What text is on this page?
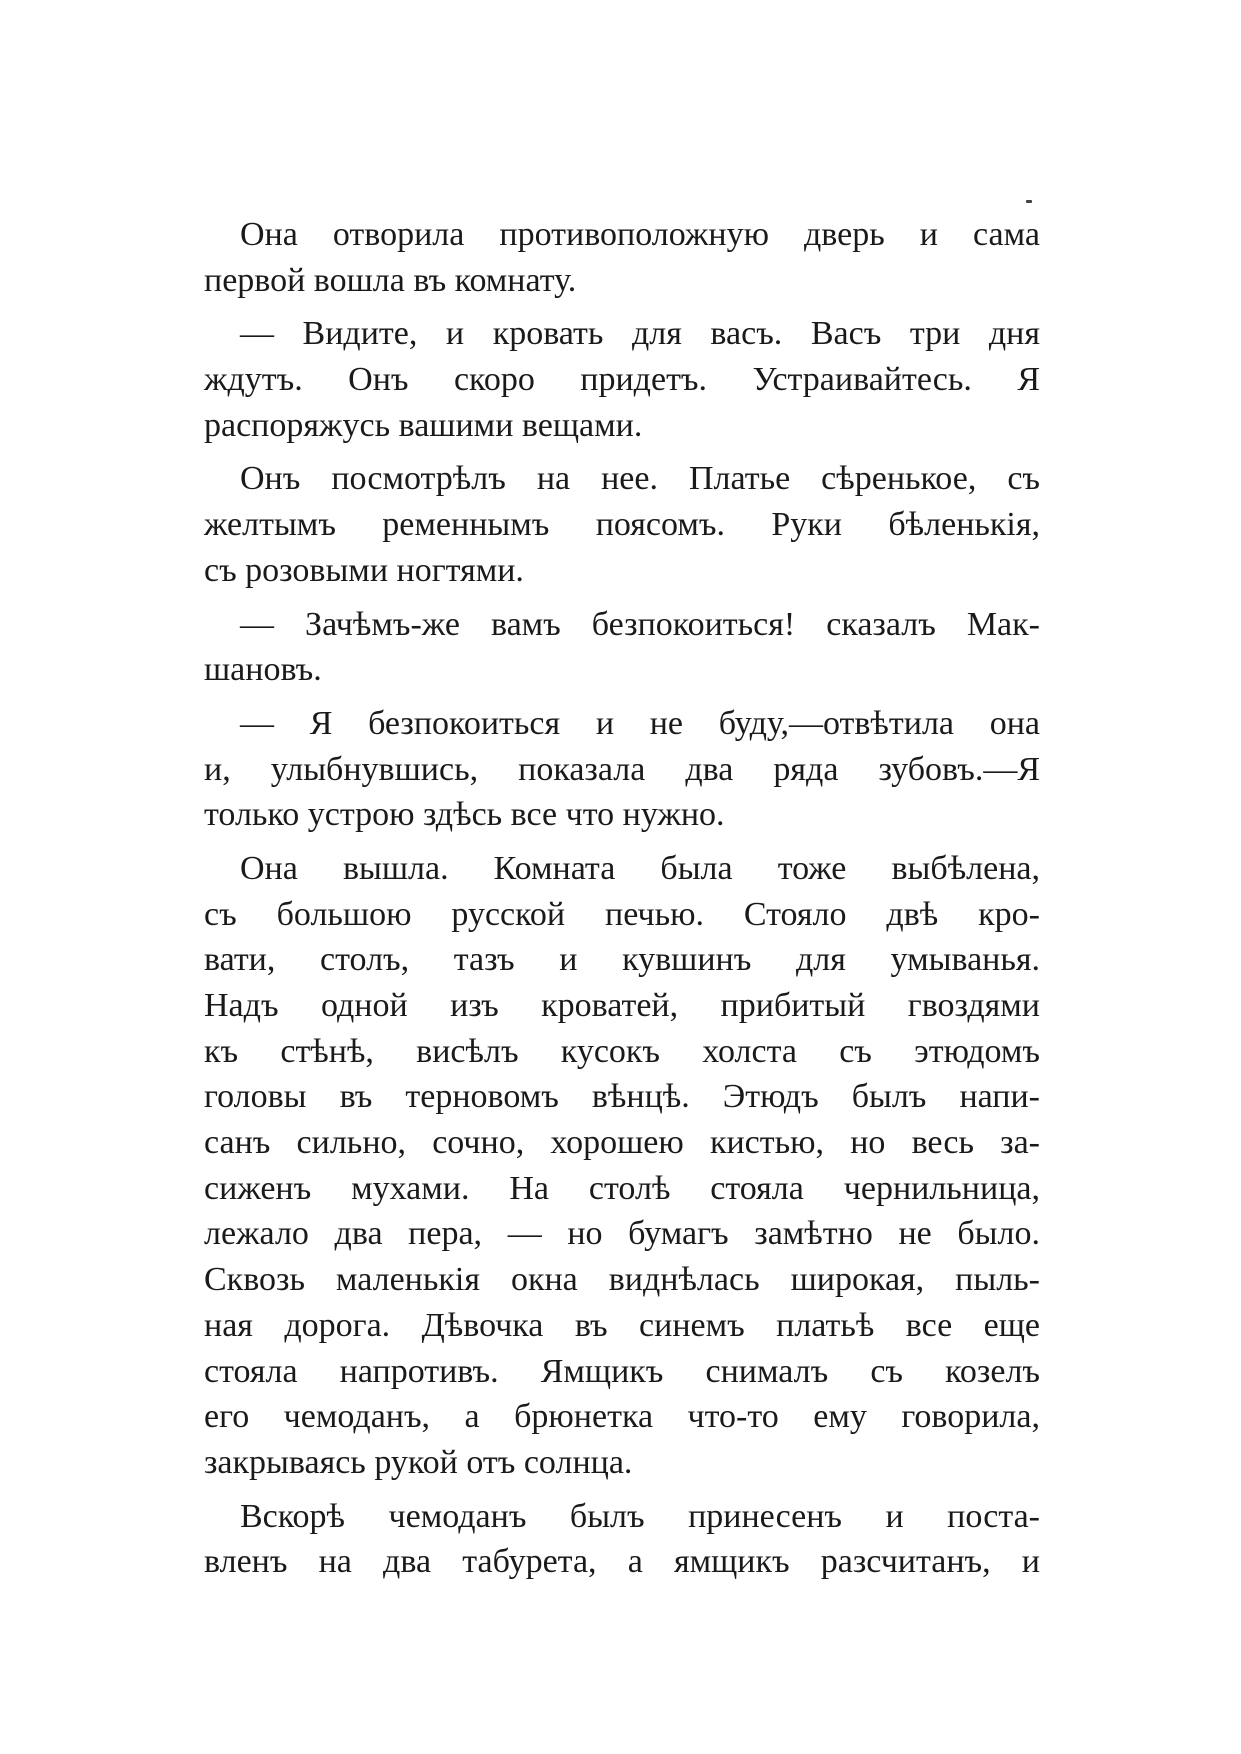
Она отворила противоположную дверь и сама
первой вошла въ комнату.
— Видите, и кровать для васъ. Васъ три дня
ждутъ. Онъ скоро придетъ. Устраивайтесь. Я
распоряжусь вашими вещами.
Онъ посмотрѣлъ на нее. Платье сѣренькое, съ
желтымъ ременнымъ поясомъ. Руки бѣленькія,
съ розовыми ногтями.
— Зачѣмъ-же вамъ безпокоиться! сказалъ Мак-
шановъ.
— Я безпокоиться и не буду,—отвѣтила она
и, улыбнувшись, показала два ряда зубовъ.—Я
только устрою здѣсь все что нужно.
Она вышла. Комната была тоже выбѣлена,
съ большою русской печью. Стояло двѣ кро-
вати, столъ, тазъ и кувшинъ для умыванья.
Надъ одной изъ кроватей, прибитый гвоздями
къ стѣнѣ, висѣлъ кусокъ холста съ этюдомъ
головы въ терновомъ вѣнцѣ. Этюдъ былъ напи-
санъ сильно, сочно, хорошею кистью, но весь за-
сиженъ мухами. На столѣ стояла чернильница,
лежало два пера, — но бумагъ замѣтно не было.
Сквозь маленькія окна виднѣлась широкая, пыль-
ная дорога. Дѣвочка въ синемъ платьѣ все еще
стояла напротивъ. Ямщикъ снималъ съ козелъ
его чемоданъ, а брюнетка что-то ему говорила,
закрываясь рукой отъ солнца.
Вскорѣ чемоданъ былъ принесенъ и поста-
вленъ на два табурета, а ямщикъ разсчитанъ, и
